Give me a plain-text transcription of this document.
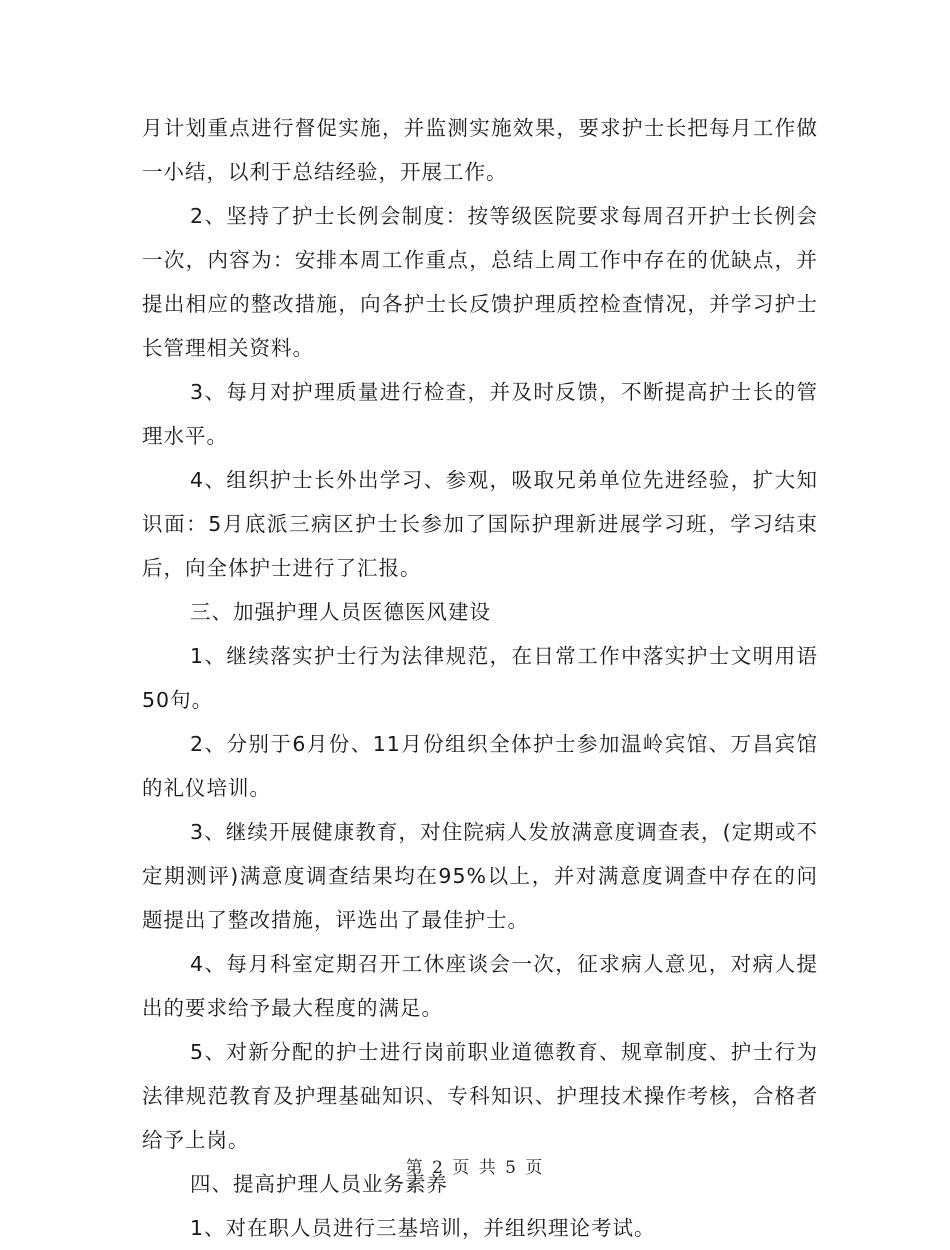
月计划重点进行督促实施，并监测实施效果，要求护士长把每月工作做一小结，以利于总结经验，开展工作。

2、坚持了护士长例会制度：按等级医院要求每周召开护士长例会一次，内容为：安排本周工作重点，总结上周工作中存在的优缺点，并提出相应的整改措施，向各护士长反馈护理质控检查情况，并学习护士长管理相关资料。

3、每月对护理质量进行检查，并及时反馈，不断提高护士长的管理水平。

4、组织护士长外出学习、参观，吸取兄弟单位先进经验，扩大知识面：5月底派三病区护士长参加了国际护理新进展学习班，学习结束后，向全体护士进行了汇报。

三、加强护理人员医德医风建设

1、继续落实护士行为法律规范，在日常工作中落实护士文明用语50句。

2、分别于6月份、11月份组织全体护士参加温岭宾馆、万昌宾馆的礼仪培训。

3、继续开展健康教育，对住院病人发放满意度调查表，(定期或不定期测评)满意度调查结果均在95%以上，并对满意度调查中存在的问题提出了整改措施，评选出了最佳护士。

4、每月科室定期召开工休座谈会一次，征求病人意见，对病人提出的要求给予最大程度的满足。

5、对新分配的护士进行岗前职业道德教育、规章制度、护士行为法律规范教育及护理基础知识、专科知识、护理技术操作考核，合格者给予上岗。

四、提高护理人员业务素养

1、对在职人员进行三基培训，并组织理论考试。

第 2 页 共 5 页
